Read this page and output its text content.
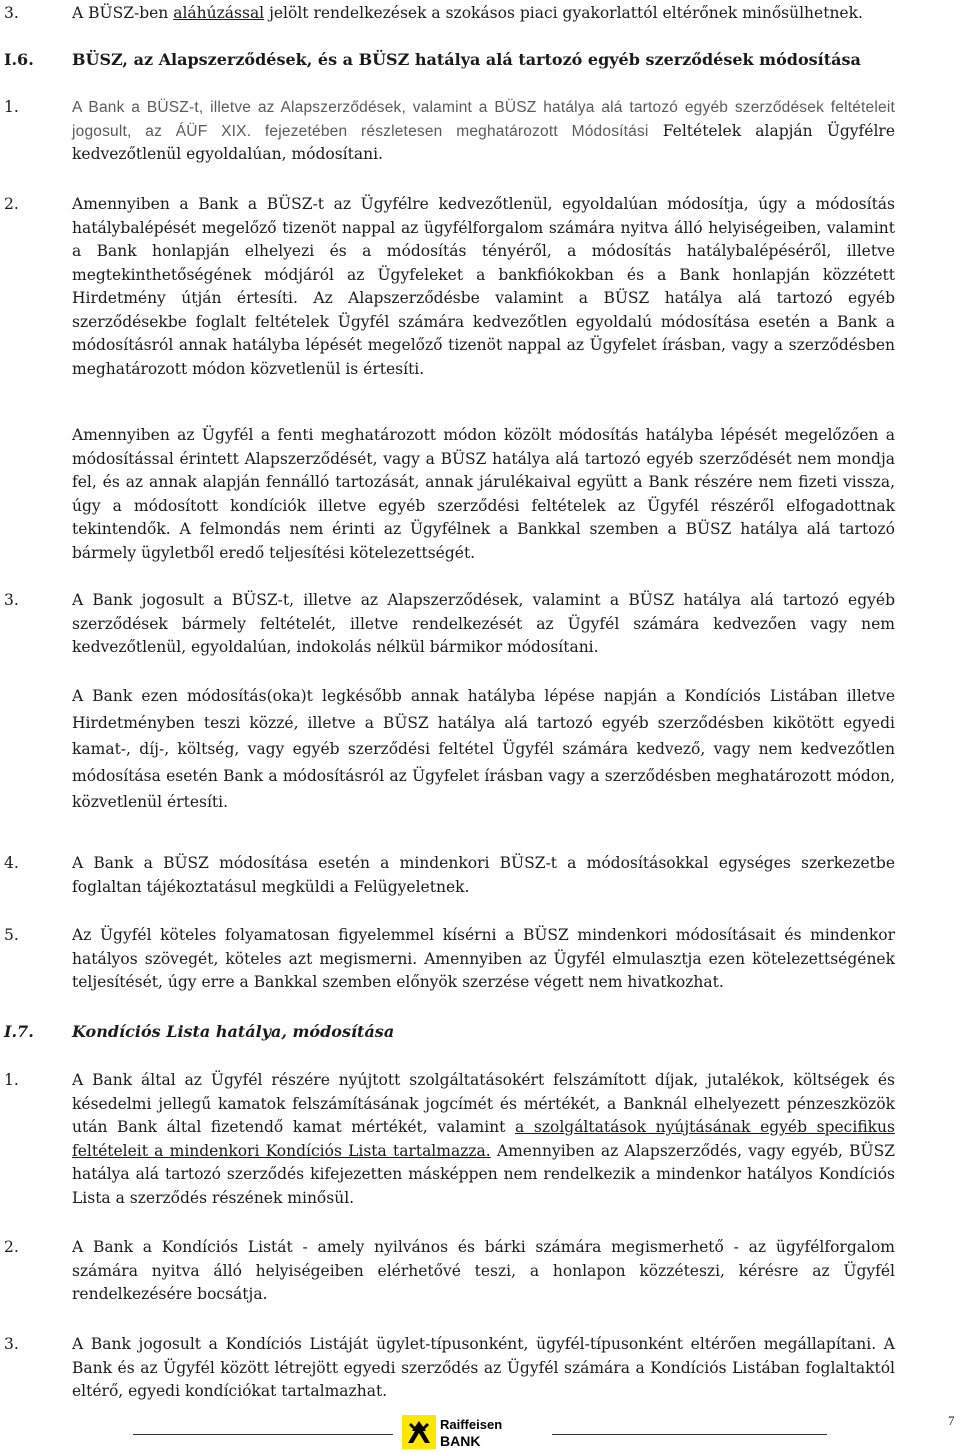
3.	A BÜSZ-ben aláhúzással jelölt rendelkezések a szokásos piaci gyakorlattól eltérőnek minősülhetnek.

I.6. BÜSZ, az Alapszerződések, és a BÜSZ hatálya alá tartozó egyéb szerződések módosítása
1.	A Bank a BÜSZ-t, illetve az Alapszerződések, valamint a BÜSZ hatálya alá tartozó egyéb szerződések feltételeit jogosult, az ÁÜF XIX. fejezetében részletesen meghatározott Módosítási Feltételek alapján Ügyfélre kedvezőtlenül egyoldalúan, módosítani.

2.	Amennyiben a Bank a BÜSZ-t az Ügyfélre kedvezőtlenül, egyoldalúan módosítja, úgy a módosítás hatálybalépését megelőző tizenöt nappal az ügyfélforgalom számára nyitva álló helyiségeiben, valamint a Bank honlapján elhelyezi és a módosítás tényéről, a módosítás hatálybalépéséről, illetve megtekinthetőségének módjáról az Ügyfeleket a bankfiókokban és a Bank honlapján közzétett Hirdetmény útján értesíti. Az Alapszerződésbe valamint a BÜSZ hatálya alá tartozó egyéb szerződésekbe foglalt feltételek Ügyfél számára kedvezőtlen egyoldalú módosítása esetén a Bank a módosításról annak hatályba lépését megelőző tizenöt nappal az Ügyfelet írásban, vagy a szerződésben meghatározott módon közvetlenül is értesíti.

Amennyiben az Ügyfél a fenti meghatározott módon közölt módosítás hatályba lépését megelőzően a módosítással érintett Alapszerződését, vagy a BÜSZ hatálya alá tartozó egyéb szerződését nem mondja fel, és az annak alapján fennálló tartozását, annak járulékaival együtt a Bank részére nem fizeti vissza, úgy a módosított kondíciók illetve egyéb szerződési feltételek az Ügyfél részéről elfogadottnak tekintendők. A felmondás nem érinti az Ügyfélnek a Bankkal szemben a BÜSZ hatálya alá tartozó bármely ügyletből eredő teljesítési kötelezettségét.

3.	A Bank jogosult a BÜSZ-t, illetve az Alapszerződések, valamint a BÜSZ hatálya alá tartozó egyéb szerződések bármely feltételét, illetve rendelkezését az Ügyfél számára kedvezően vagy nem kedvezőtlenül, egyoldalúan, indokolás nélkül bármikor módosítani.

A Bank ezen módosítás(oka)t legkésőbb annak hatályba lépése napján a Kondíciós Listában illetve Hirdetményben teszi közzé, illetve a BÜSZ hatálya alá tartozó egyéb szerződésben kikötött egyedi kamat-, díj-, költség, vagy egyéb szerződési feltétel Ügyfél számára kedvező, vagy nem kedvezőtlen módosítása esetén Bank a módosításról az Ügyfelet írásban vagy a szerződésben meghatározott módon, közvetlenül értesíti.

4.	A Bank a BÜSZ módosítása esetén a mindenkori BÜSZ-t a módosításokkal egységes szerkezetbe foglaltan tájékoztatásul megküldi a Felügyeletnek.

5.	Az Ügyfél köteles folyamatosan figyelemmel kísérni a BÜSZ mindenkori módosításait és mindenkor hatályos szövegét, köteles azt megismerni. Amennyiben az Ügyfél elmulasztja ezen kötelezettségének teljesítését, úgy erre a Bankkal szemben előnyök szerzése végett nem hivatkozhat.

I.7. Kondíciós Lista hatálya, módosítása
1.	A Bank által az Ügyfél részére nyújtott szolgáltatásokért felszámított díjak, jutalékok, költségek és késedelmi jellegű kamatok felszámításának jogcímét és mértékét, a Banknál elhelyezett pénzeszközök után Bank által fizetendő kamat mértékét, valamint a szolgáltatások nyújtásának egyéb specifikus feltételeit a mindenkori Kondíciós Lista tartalmazza. Amennyiben az Alapszerződés, vagy egyéb, BÜSZ hatálya alá tartozó szerződés kifejezetten másképpen nem rendelkezik a mindenkor hatályos Kondíciós Lista a szerződés részének minősül.

2.	A Bank a Kondíciós Listát - amely nyilvános és bárki számára megismerhető - az ügyfélforgalom számára nyitva álló helyiségeiben elérhetővé teszi, a honlapon közzéteszi, kérésre az Ügyfél rendelkezésére bocsátja.

3.	A Bank jogosult a Kondíciós Listáját ügylet-típusonként, ügyfél-típusonként eltérően megállapítani. A Bank és az Ügyfél között létrejött egyedi szerződés az Ügyfél számára a Kondíciós Listában foglaltaktól eltérő, egyedi kondíciókat tartalmazhat.

Raiffeisen
BANK
7
